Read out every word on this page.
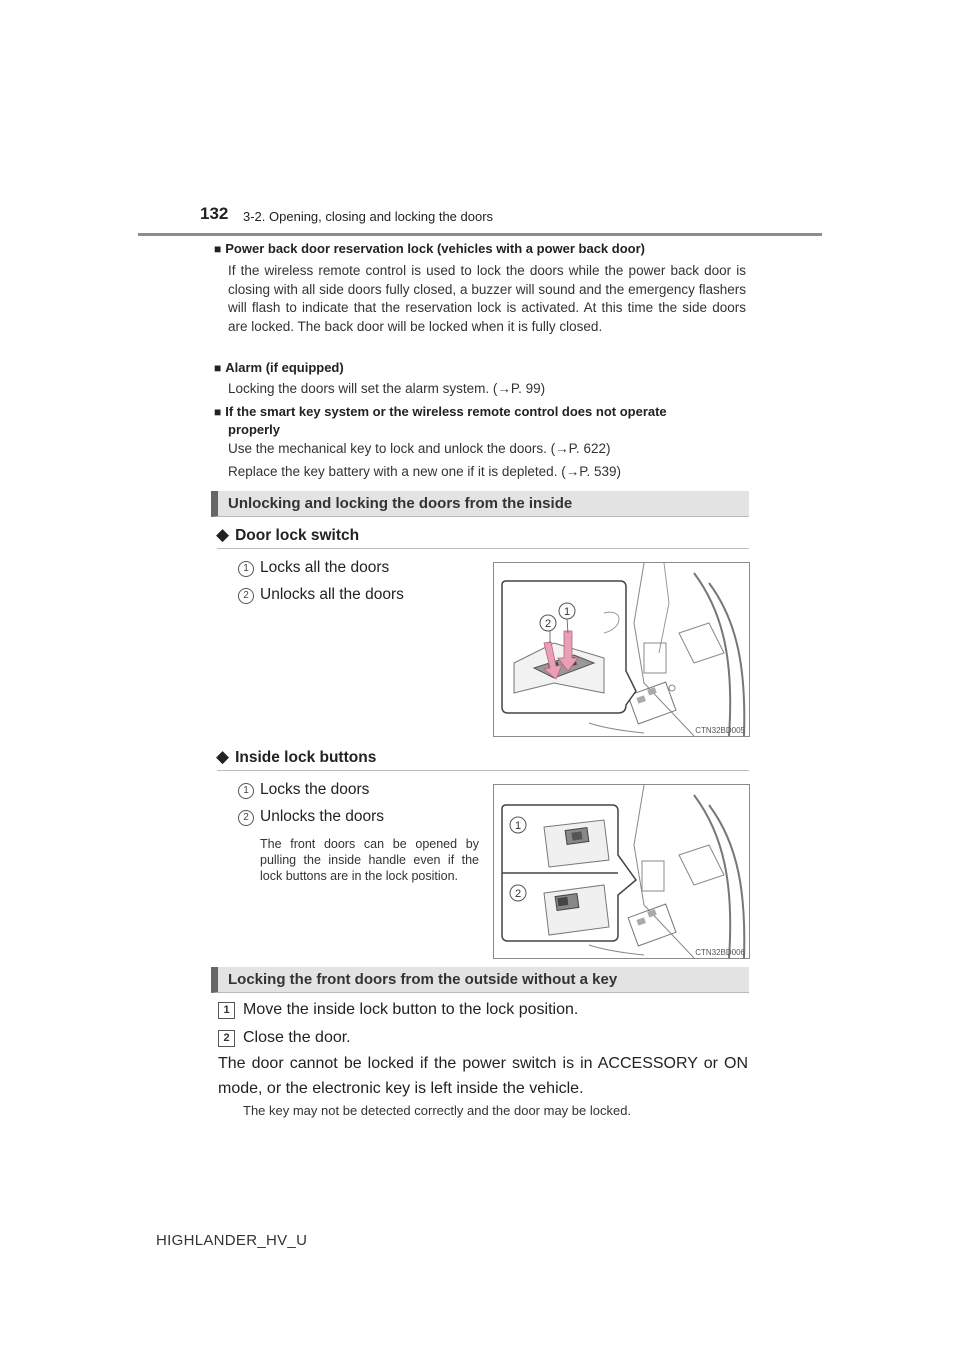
132 3-2. Opening, closing and locking the doors
■ Power back door reservation lock (vehicles with a power back door)
If the wireless remote control is used to lock the doors while the power back door is closing with all side doors fully closed, a buzzer will sound and the emergency flashers will flash to indicate that the reservation lock is activated. At this time the side doors are locked. The back door will be locked when it is fully closed.
■ Alarm (if equipped)
Locking the doors will set the alarm system. (→P. 99)
■ If the smart key system or the wireless remote control does not operate
properly
Use the mechanical key to lock and unlock the doors. (→P. 622)
Replace the key battery with a new one if it is depleted. (→P. 539)
Unlocking and locking the doors from the inside
◆ Door lock switch
1 Locks all the doors
2 Unlocks all the doors
1
2
CTN32BD005
◆ Inside lock buttons
1 Locks the doors
2 Unlocks the doors
The front doors can be opened by pulling the inside handle even if the lock buttons are in the lock position.
1
2
CTN32BD006
Locking the front doors from the outside without a key
1 Move the inside lock button to the lock position.
2 Close the door.
The door cannot be locked if the power switch is in ACCESSORY or ON mode, or the electronic key is left inside the vehicle.
The key may not be detected correctly and the door may be locked.
HIGHLANDER_HV_U
